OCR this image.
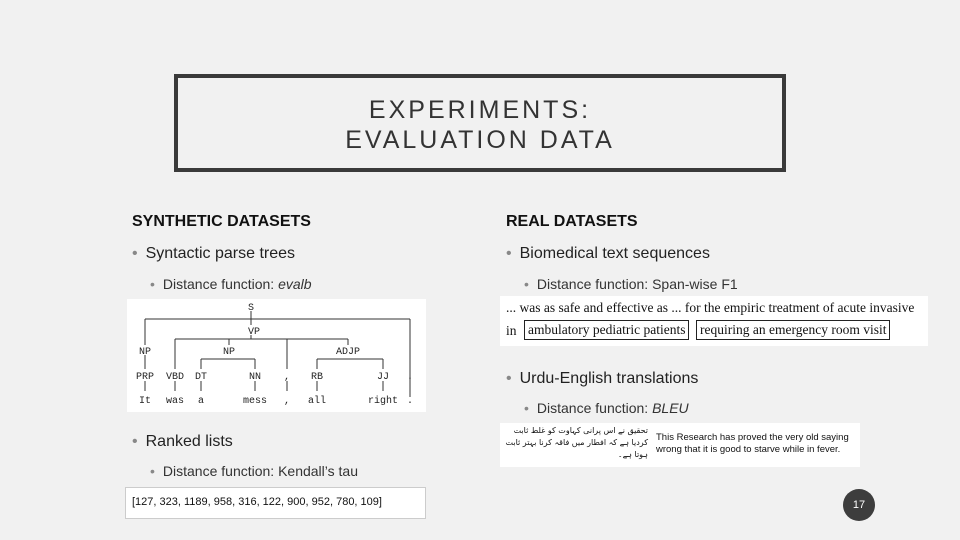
EXPERIMENTS:
EVALUATION DATA
SYNTHETIC DATASETS
• Syntactic parse trees
• Distance function: evalb
S
VP
NP	NP	ADJP
PRP VBD DT	NN , RB	JJ .
It was a	mess , all	right .
• Ranked lists
• Distance function: Kendall’s tau
[127, 323, 1189, 958, 316, 122, 900, 952, 780, 109]
REAL DATASETS
• Biomedical text sequences
• Distance function: Span-wise F1
... was as safe and effective as ... for the empiric treatment of acute invasive
in ambulatory pediatric patients requiring an emergency room visit
• Urdu-English translations
• Distance function: BLEU
تحقیق نے اس پرانی کہاوت کو غلط ثابت
کردیا ہے کہ افطار میں فاقہ کرنا بہتر ثابت
ہوتا ہے۔
This Research has proved the very old saying wrong that it is good to starve while in fever.
17
